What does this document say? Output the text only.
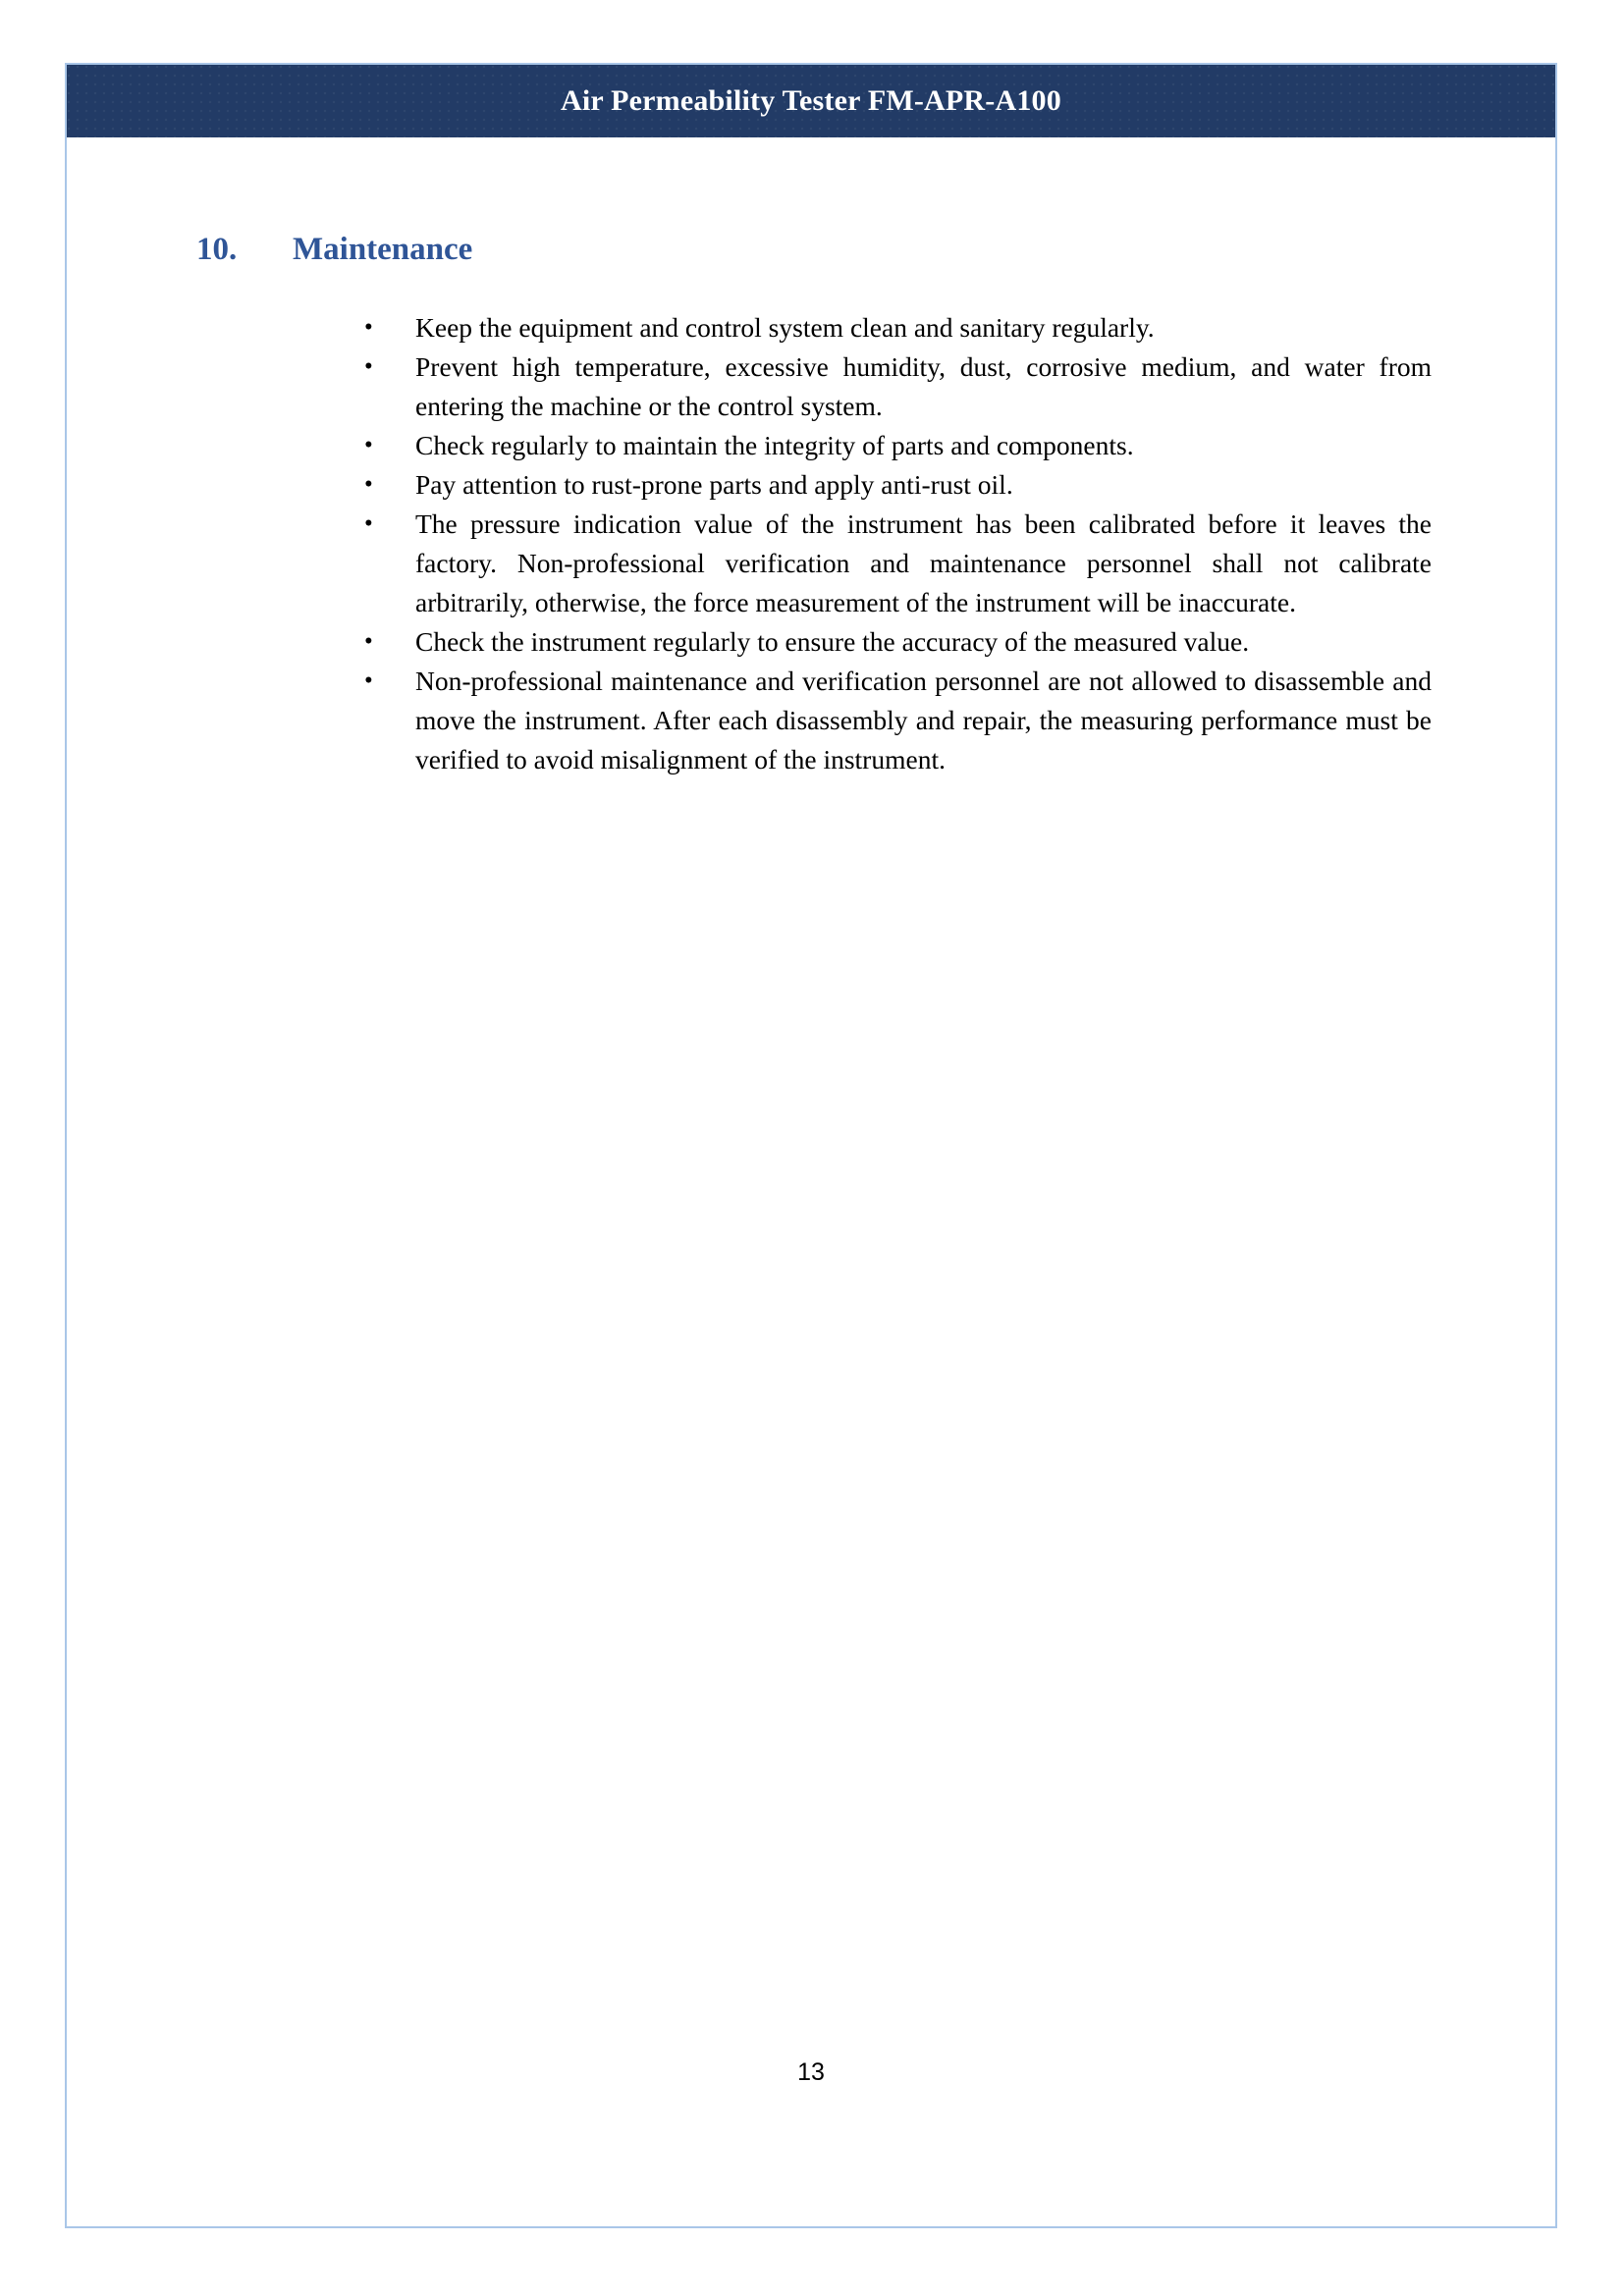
Air Permeability Tester FM-APR-A100
10.	Maintenance
•	Keep the equipment and control system clean and sanitary regularly.
•	Prevent high temperature, excessive humidity, dust, corrosive medium, and water from entering the machine or the control system.
•	Check regularly to maintain the integrity of parts and components.
•	Pay attention to rust-prone parts and apply anti-rust oil.
•	The pressure indication value of the instrument has been calibrated before it leaves the factory. Non-professional verification and maintenance personnel shall not calibrate arbitrarily, otherwise, the force measurement of the instrument will be inaccurate.
•	Check the instrument regularly to ensure the accuracy of the measured value.
•	Non-professional maintenance and verification personnel are not allowed to disassemble and move the instrument. After each disassembly and repair, the measuring performance must be verified to avoid misalignment of the instrument.
13
